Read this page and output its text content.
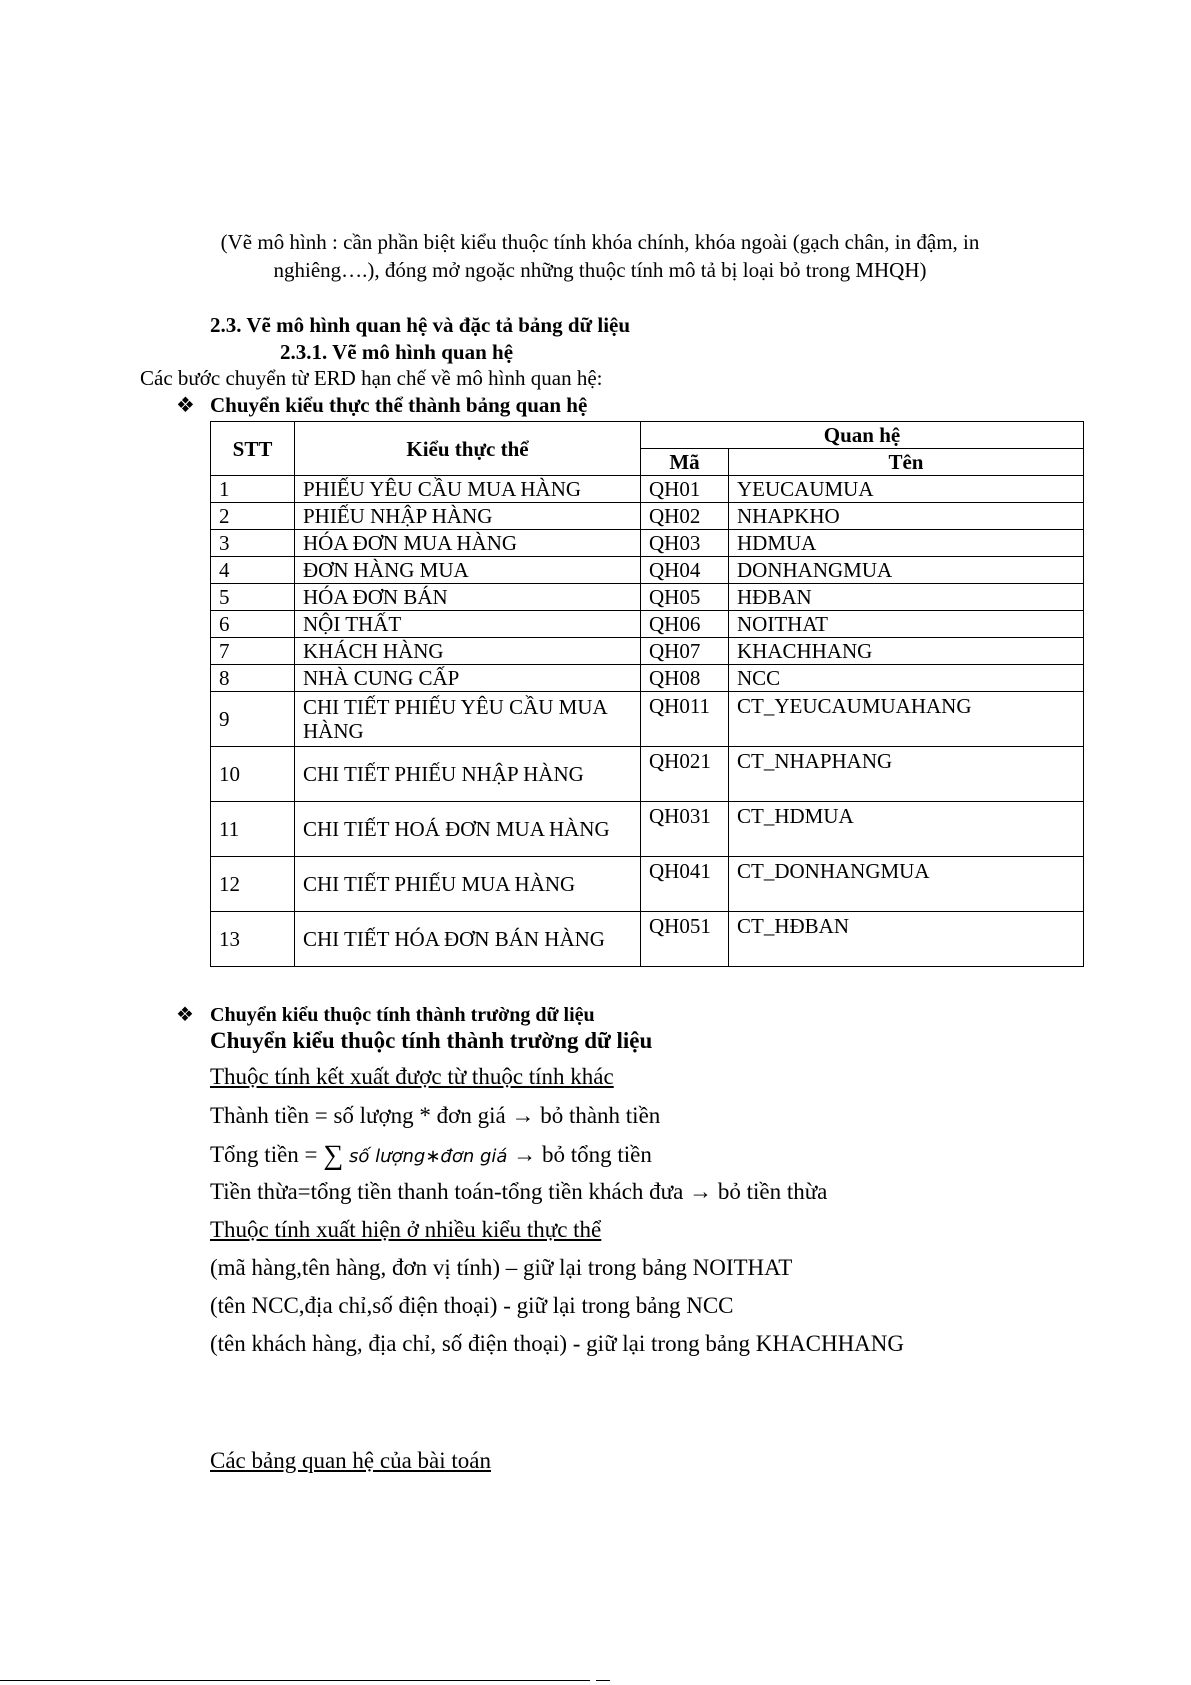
(Vẽ mô hình : cần phần biệt kiểu thuộc tính khóa chính, khóa ngoài (gạch chân, in đậm, in
nghiêng….), đóng mở ngoặc những thuộc tính mô tả bị loại bỏ trong MHQH)
2.3. Vẽ mô hình quan hệ và đặc tả bảng dữ liệu
2.3.1. Vẽ mô hình quan hệ
Các bước chuyển từ ERD hạn chế về mô hình quan hệ:
❖ Chuyển kiểu thực thể thành bảng quan hệ
STT	Kiểu thực thể	Quan hệ	
		Mã	Tên
1	PHIẾU YÊU CẦU MUA HÀNG	QH01	YEUCAUMUA
2	PHIẾU NHẬP HÀNG	QH02	NHAPKHO
3	HÓA ĐƠN MUA HÀNG	QH03	HDMUA
4	ĐƠN HÀNG MUA	QH04	DONHANGMUA
5	HÓA ĐƠN BÁN	QH05	HĐBAN
6	NỘI THẤT	QH06	NOITHAT
7	KHÁCH HÀNG	QH07	KHACHHANG
8	NHÀ CUNG CẤP	QH08	NCC
9	CHI TIẾT PHIẾU YÊU CẦU MUA HÀNG	QH011	CT_YEUCAUMUAHANG
10	CHI TIẾT PHIẾU NHẬP HÀNG	QH021	CT_NHAPHANG
11	CHI TIẾT HOÁ ĐƠN MUA HÀNG	QH031	CT_HDMUA
12	CHI TIẾT PHIẾU MUA HÀNG	QH041	CT_DONHANGMUA
13	CHI TIẾT HÓA ĐƠN BÁN HÀNG	QH051	CT_HĐBAN
❖ Chuyển kiểu thuộc tính thành trường dữ liệu
Chuyển kiểu thuộc tính thành trường dữ liệu
Thuộc tính kết xuất được từ thuộc tính khác
Thành tiền = số lượng * đơn giá → bỏ thành tiền
Tổng tiền = ∑ số lượng∗đơn giá → bỏ tổng tiền
Tiền thừa=tổng tiền thanh toán-tổng tiền khách đưa → bỏ tiền thừa
Thuộc tính xuất hiện ở nhiều kiểu thực thể
(mã hàng,tên hàng, đơn vị tính) – giữ lại trong bảng NOITHAT
(tên NCC,địa chỉ,số điện thoại) - giữ lại trong bảng NCC
(tên khách hàng, địa chỉ, số điện thoại) - giữ lại trong bảng KHACHHANG
Các bảng quan hệ của bài toán
